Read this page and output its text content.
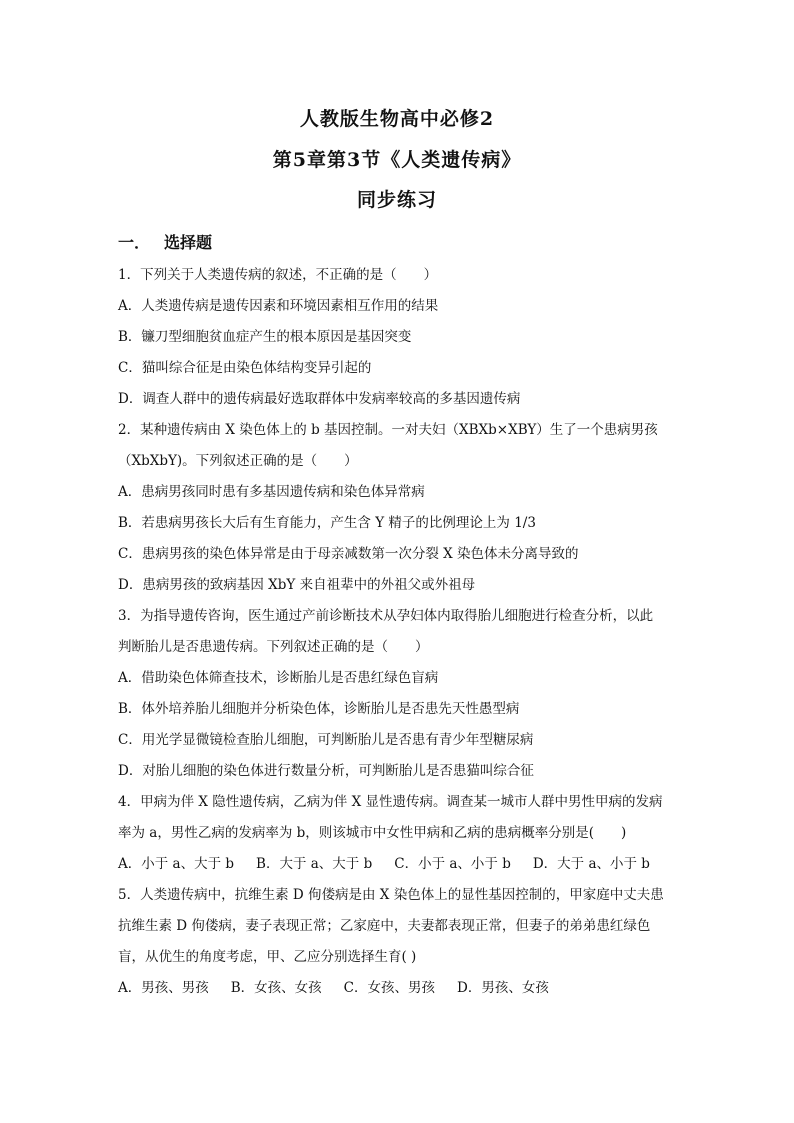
人教版生物高中必修2
第5章第3节《人类遗传病》
同步练习
一． 选择题
1．下列关于人类遗传病的叙述，不正确的是（　　）
A．人类遗传病是遗传因素和环境因素相互作用的结果
B．镰刀型细胞贫血症产生的根本原因是基因突变
C．猫叫综合征是由染色体结构变异引起的
D．调查人群中的遗传病最好选取群体中发病率较高的多基因遗传病
2．某种遗传病由 X 染色体上的 b 基因控制。一对夫妇（XBXb×XBY）生了一个患病男孩
（XbXbY)。下列叙述正确的是（　　）
A．患病男孩同时患有多基因遗传病和染色体异常病
B．若患病男孩长大后有生育能力，产生含 Y 精子的比例理论上为 1/3
C．患病男孩的染色体异常是由于母亲减数第一次分裂 X 染色体未分离导致的
D．患病男孩的致病基因 XbY 来自祖辈中的外祖父或外祖母
3．为指导遗传咨询，医生通过产前诊断技术从孕妇体内取得胎儿细胞进行检查分析，以此
判断胎儿是否患遗传病。下列叙述正确的是（　　）
A．借助染色体筛查技术，诊断胎儿是否患红绿色盲病
B．体外培养胎儿细胞并分析染色体，诊断胎儿是否患先天性愚型病
C．用光学显微镜检查胎儿细胞，可判断胎儿是否患有青少年型糖尿病
D．对胎儿细胞的染色体进行数量分析，可判断胎儿是否患猫叫综合征
4．甲病为伴 X 隐性遗传病，乙病为伴 X 显性遗传病。调查某一城市人群中男性甲病的发病
率为 a，男性乙病的发病率为 b，则该城市中女性甲病和乙病的患病概率分别是(　　)
A．小于 a、大于 b B．大于 a、大于 b C．小于 a、小于 b D．大于 a、小于 b
5．人类遗传病中，抗维生素 D 佝偻病是由 X 染色体上的显性基因控制的，甲家庭中丈夫患
抗维生素 D 佝偻病，妻子表现正常；乙家庭中，夫妻都表现正常，但妻子的弟弟患红绿色
盲，从优生的角度考虑，甲、乙应分别选择生育( )
A．男孩、男孩 B．女孩、女孩 C．女孩、男孩 D．男孩、女孩
